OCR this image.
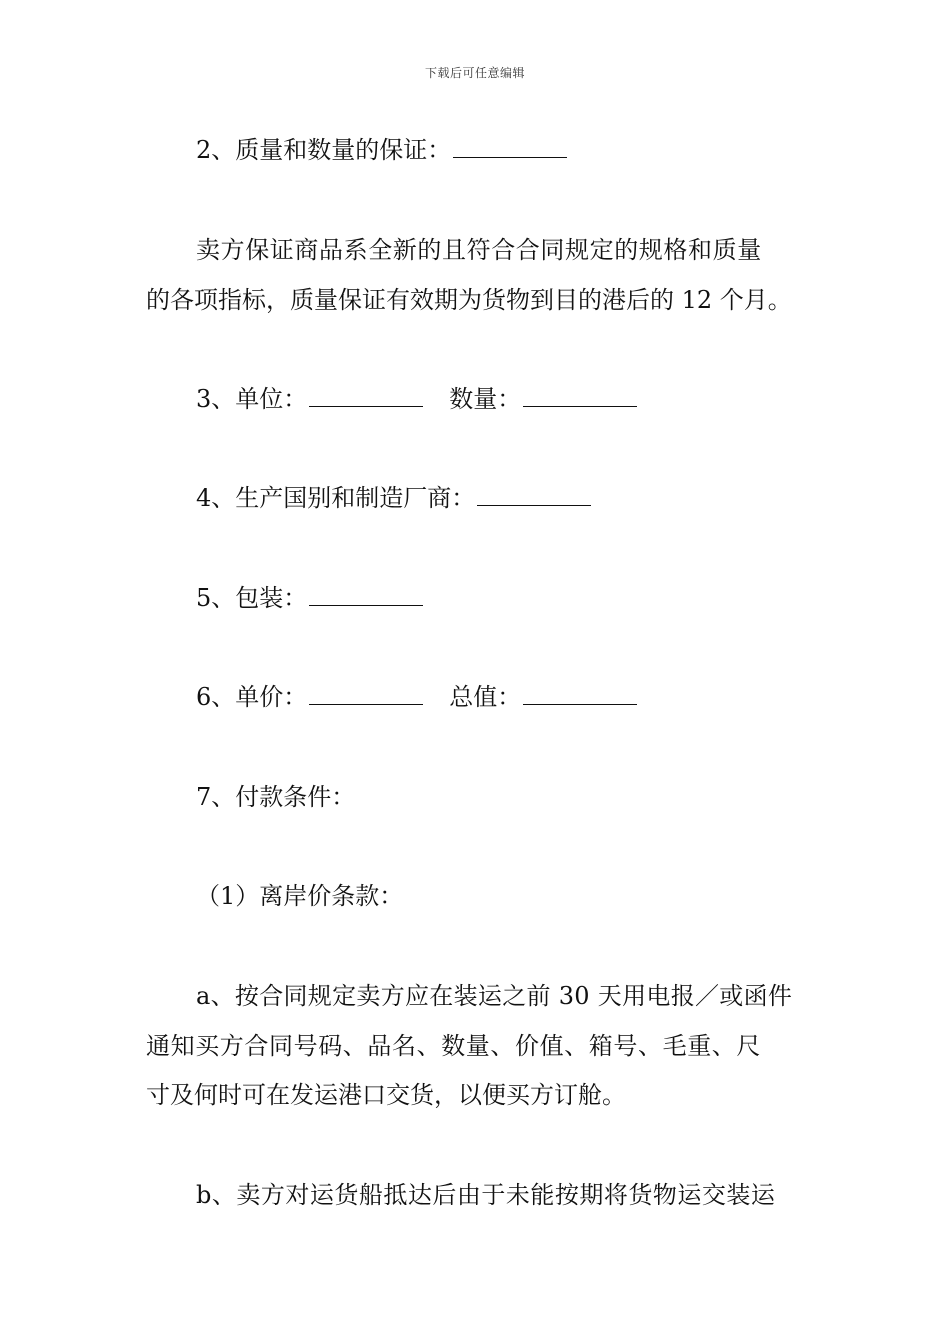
下载后可任意编辑
2、质量和数量的保证：
卖方保证商品系全新的且符合合同规定的规格和质量
的各项指标，质量保证有效期为货物到目的港后的 12 个月。
3、单位：	数量：
4、生产国别和制造厂商：
5、包装：
6、单价：	总值：
7、付款条件：
（1）离岸价条款：
a、按合同规定卖方应在装运之前 30 天用电报／或函件
通知买方合同号码、品名、数量、价值、箱号、毛重、尺
寸及何时可在发运港口交货，以便买方订舱。
b、卖方对运货船抵达后由于未能按期将货物运交装运
